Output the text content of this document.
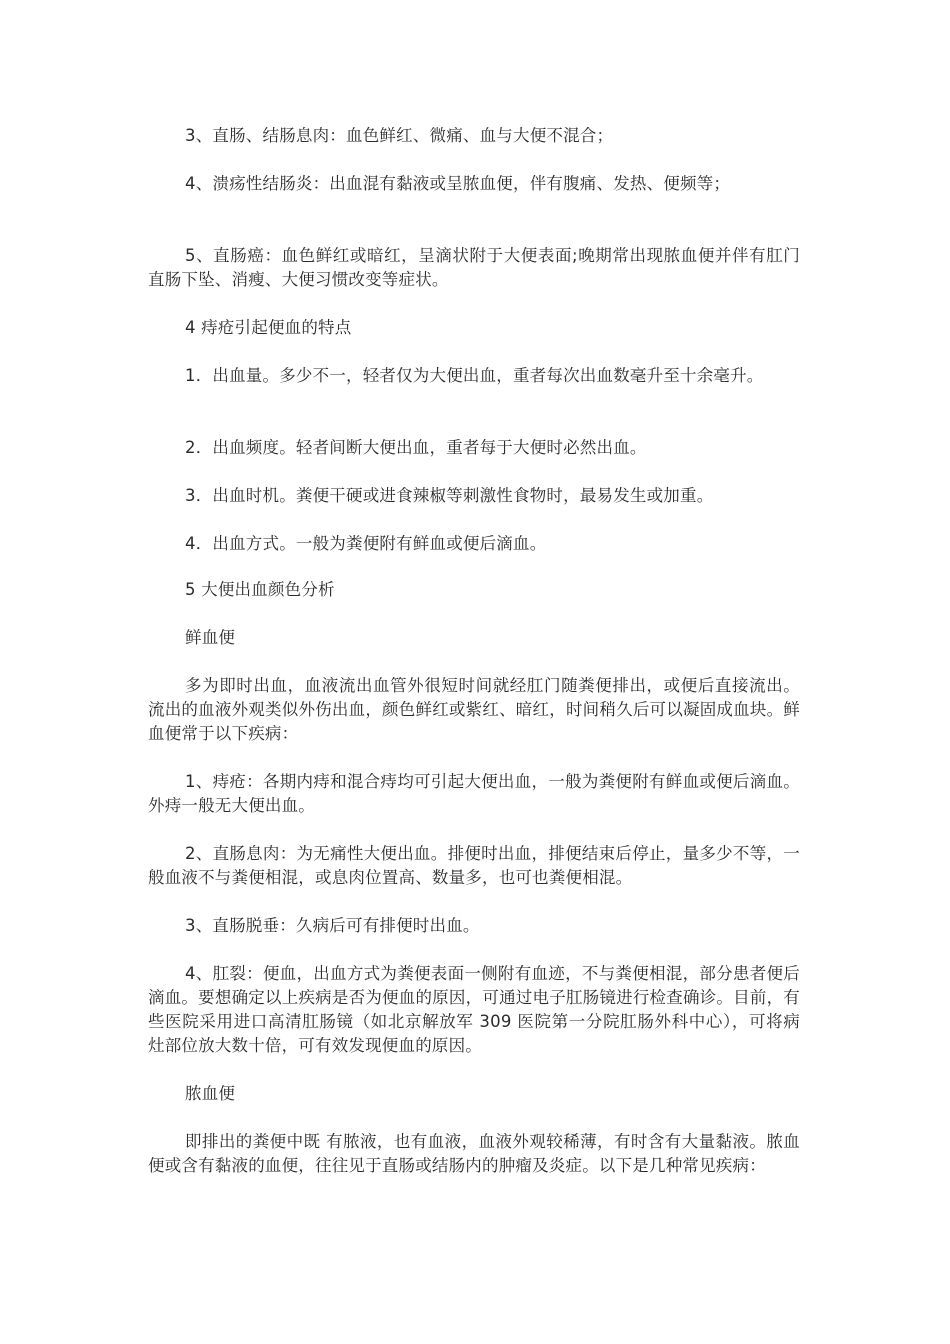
3、直肠、结肠息肉：血色鲜红、微痛、血与大便不混合；

4、溃疡性结肠炎：出血混有黏液或呈脓血便，伴有腹痛、发热、便频等；

5、直肠癌：血色鲜红或暗红，呈滴状附于大便表面;晚期常出现脓血便并伴有肛门直肠下坠、消瘦、大便习惯改变等症状。

4 痔疮引起便血的特点

1．出血量。多少不一，轻者仅为大便出血，重者每次出血数毫升至十余毫升。

2．出血频度。轻者间断大便出血，重者每于大便时必然出血。

3．出血时机。粪便干硬或进食辣椒等刺激性食物时，最易发生或加重。

4．出血方式。一般为粪便附有鲜血或便后滴血。

5 大便出血颜色分析

鲜血便

多为即时出血，血液流出血管外很短时间就经肛门随粪便排出，或便后直接流出。流出的血液外观类似外伤出血，颜色鲜红或紫红、暗红，时间稍久后可以凝固成血块。鲜血便常于以下疾病：

1、痔疮：各期内痔和混合痔均可引起大便出血，一般为粪便附有鲜血或便后滴血。外痔一般无大便出血。

2、直肠息肉：为无痛性大便出血。排便时出血，排便结束后停止，量多少不等，一般血液不与粪便相混，或息肉位置高、数量多，也可也粪便相混。

3、直肠脱垂：久病后可有排便时出血。

4、肛裂：便血，出血方式为粪便表面一侧附有血迹，不与粪便相混，部分患者便后滴血。要想确定以上疾病是否为便血的原因，可通过电子肛肠镜进行检查确诊。目前，有些医院采用进口高清肛肠镜（如北京解放军 309 医院第一分院肛肠外科中心），可将病灶部位放大数十倍，可有效发现便血的原因。

脓血便

即排出的粪便中既 有脓液，也有血液，血液外观较稀薄，有时含有大量黏液。脓血便或含有黏液的血便，往往见于直肠或结肠内的肿瘤及炎症。以下是几种常见疾病：
